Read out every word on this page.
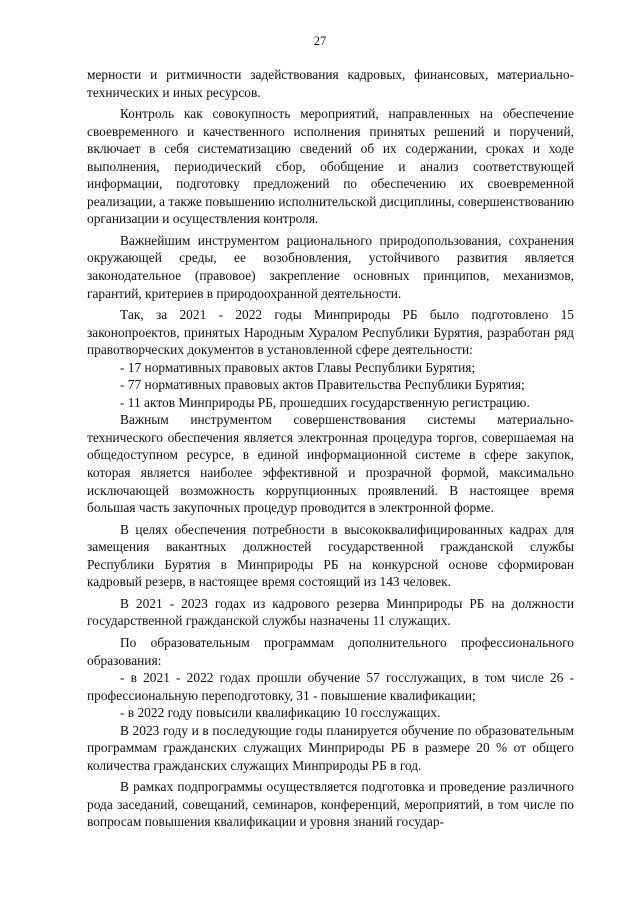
27

мерности и ритмичности задействования кадровых, финансовых, материально-технических и иных ресурсов.

Контроль как совокупность мероприятий, направленных на обеспечение своевременного и качественного исполнения принятых решений и поручений, включает в себя систематизацию сведений об их содержании, сроках и ходе выполнения, периодический сбор, обобщение и анализ соответствующей информации, подготовку предложений по обеспечению их своевременной реализации, а также повышению исполнительской дисциплины, совершенствованию организации и осуществления контроля.

Важнейшим инструментом рационального природопользования, сохранения окружающей среды, ее возобновления, устойчивого развития является законодательное (правовое) закрепление основных принципов, механизмов, гарантий, критериев в природоохранной деятельности.

Так, за 2021 - 2022 годы Минприроды РБ было подготовлено 15 законопроектов, принятых Народным Хуралом Республики Бурятия, разработан ряд правотворческих документов в установленной сфере деятельности:

- 17 нормативных правовых актов Главы Республики Бурятия;

- 77 нормативных правовых актов Правительства Республики Бурятия;

- 11 актов Минприроды РБ, прошедших государственную регистрацию.

Важным инструментом совершенствования системы материально-технического обеспечения является электронная процедура торгов, совершаемая на общедоступном ресурсе, в единой информационной системе в сфере закупок, которая является наиболее эффективной и прозрачной формой, максимально исключающей возможность коррупционных проявлений. В настоящее время большая часть закупочных процедур проводится в электронной форме.

В целях обеспечения потребности в высококвалифицированных кадрах для замещения вакантных должностей государственной гражданской службы Республики Бурятия в Минприроды РБ на конкурсной основе сформирован кадровый резерв, в настоящее время состоящий из 143 человек.

В 2021 - 2023 годах из кадрового резерва Минприроды РБ на должности государственной гражданской службы назначены 11 служащих.

По образовательным программам дополнительного профессионального образования:

- в 2021 - 2022 годах прошли обучение 57 госслужащих, в том числе 26 - профессиональную переподготовку, 31 - повышение квалификации;

- в 2022 году повысили квалификацию 10 госслужащих.

В 2023 году и в последующие годы планируется обучение по образовательным программам гражданских служащих Минприроды РБ в размере 20 % от общего количества гражданских служащих Минприроды РБ в год.

В рамках подпрограммы осуществляется подготовка и проведение различного рода заседаний, совещаний, семинаров, конференций, мероприятий, в том числе по вопросам повышения квалификации и уровня знаний государ-
